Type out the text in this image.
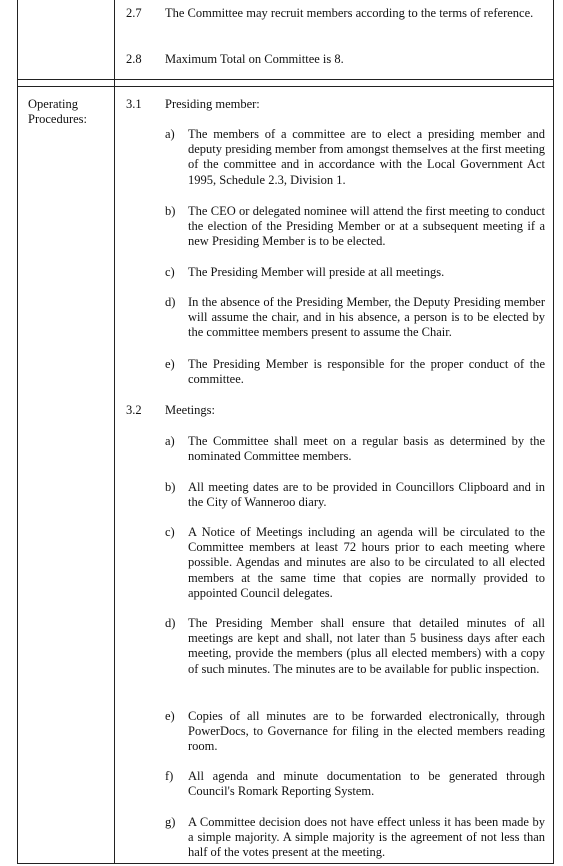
2.7 The Committee may recruit members according to the terms of reference.
2.8 Maximum Total on Committee is 8.
Operating Procedures:
3.1 Presiding member:
a) The members of a committee are to elect a presiding member and deputy presiding member from amongst themselves at the first meeting of the committee and in accordance with the Local Government Act 1995, Schedule 2.3, Division 1.
b) The CEO or delegated nominee will attend the first meeting to conduct the election of the Presiding Member or at a subsequent meeting if a new Presiding Member is to be elected.
c) The Presiding Member will preside at all meetings.
d) In the absence of the Presiding Member, the Deputy Presiding member will assume the chair, and in his absence, a person is to be elected by the committee members present to assume the Chair.
e) The Presiding Member is responsible for the proper conduct of the committee.
3.2 Meetings:
a) The Committee shall meet on a regular basis as determined by the nominated Committee members.
b) All meeting dates are to be provided in Councillors Clipboard and in the City of Wanneroo diary.
c) A Notice of Meetings including an agenda will be circulated to the Committee members at least 72 hours prior to each meeting where possible. Agendas and minutes are also to be circulated to all elected members at the same time that copies are normally provided to appointed Council delegates.
d) The Presiding Member shall ensure that detailed minutes of all meetings are kept and shall, not later than 5 business days after each meeting, provide the members (plus all elected members) with a copy of such minutes. The minutes are to be available for public inspection.
e) Copies of all minutes are to be forwarded electronically, through PowerDocs, to Governance for filing in the elected members reading room.
f) All agenda and minute documentation to be generated through Council's Romark Reporting System.
g) A Committee decision does not have effect unless it has been made by a simple majority. A simple majority is the agreement of not less than half of the votes present at the meeting.
